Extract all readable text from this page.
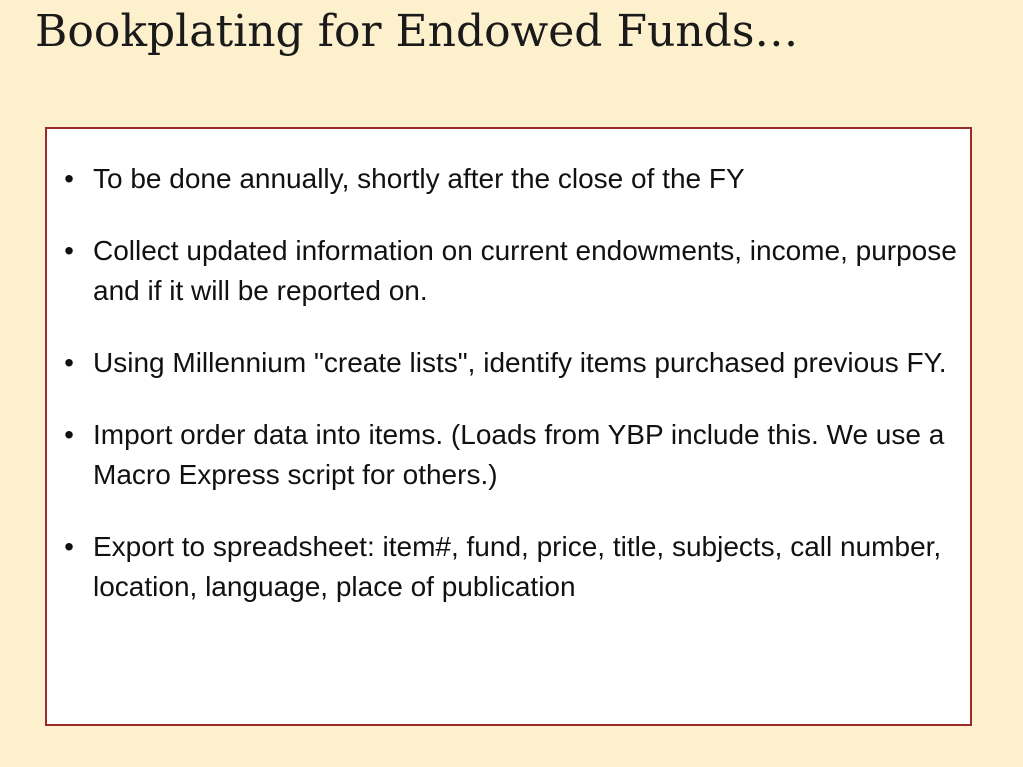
Bookplating for Endowed Funds…
• To be done annually, shortly after the close of the FY
• Collect updated information on current endowments, income, purpose and if it will be reported on.
• Using Millennium "create lists", identify items purchased previous FY.
• Import order data into items. (Loads from YBP include this. We use a Macro Express script for others.)
• Export to spreadsheet: item#, fund, price, title, subjects, call number, location, language, place of publication
